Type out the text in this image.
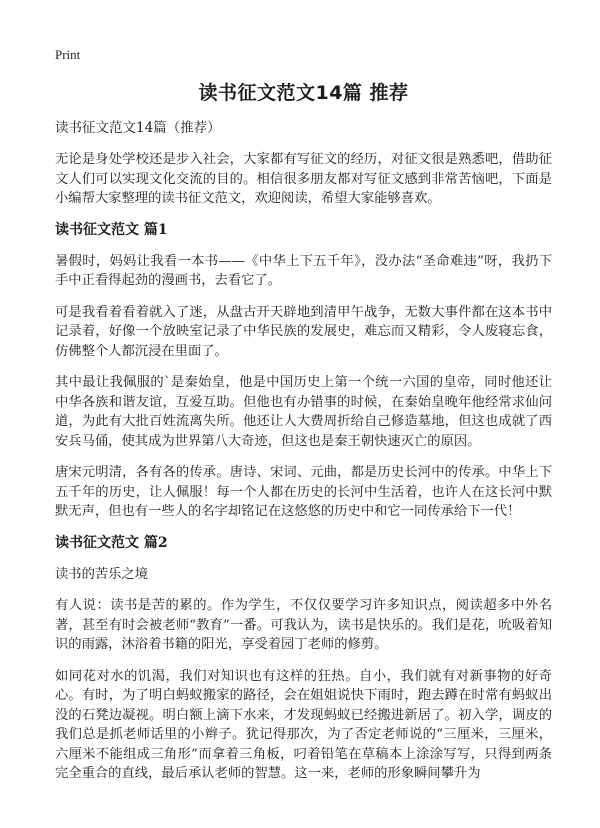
Print
读书征文范文14篇 推荐
读书征文范文14篇（推荐）

无论是身处学校还是步入社会，大家都有写征文的经历，对征文很是熟悉吧，借助征文人们可以实现文化交流的目的。相信很多朋友都对写征文感到非常苦恼吧，下面是小编帮大家整理的读书征文范文，欢迎阅读，希望大家能够喜欢。

读书征文范文 篇1

暑假时，妈妈让我看一本书——《中华上下五千年》，没办法“圣命难违”呀，我扔下手中正看得起劲的漫画书，去看它了。

可是我看着看着就入了迷，从盘古开天辟地到清甲午战争，无数大事件都在这本书中记录着，好像一个放映室记录了中华民族的发展史，难忘而又精彩，令人废寝忘食，仿佛整个人都沉浸在里面了。

其中最让我佩服的`是秦始皇，他是中国历史上第一个统一六国的皇帝，同时他还让中华各族和谐友谊，互爱互助。但他也有办错事的时候，在秦始皇晚年他经常求仙问道，为此有大批百姓流离失所。他还让人大费周折给自己修造墓地，但这也成就了西安兵马俑，使其成为世界第八大奇迹，但这也是秦王朝快速灭亡的原因。

唐宋元明清，各有各的传承。唐诗、宋词、元曲，都是历史长河中的传承。中华上下五千年的历史，让人佩服！每一个人都在历史的长河中生活着，也许人在这长河中默默无声，但也有一些人的名字却铭记在这悠悠的历史中和它一同传承给下一代！

读书征文范文 篇2

读书的苦乐之境

有人说：读书是苦的累的。作为学生，不仅仅要学习许多知识点，阅读超多中外名著，甚至有时会被老师“教育”一番。可我认为，读书是快乐的。我们是花，吮吸着知识的雨露，沐浴着书籍的阳光，享受着园丁老师的修剪。

如同花对水的饥渴，我们对知识也有这样的狂热。自小，我们就有对新事物的好奇心。有时，为了明白蚂蚁搬家的路径，会在姐姐说快下雨时，跑去蹲在时常有蚂蚁出没的石凳边凝视。明白额上滴下水来，才发现蚂蚁已经搬进新居了。初入学，调皮的我们总是抓老师话里的小辫子。犹记得那次，为了否定老师说的“三厘米，三厘米，六厘米不能组成三角形”而拿着三角板，叼着铅笔在草稿本上涂涂写写，只得到两条完全重合的直线，最后承认老师的智慧。这一来，老师的形象瞬间攀升为
